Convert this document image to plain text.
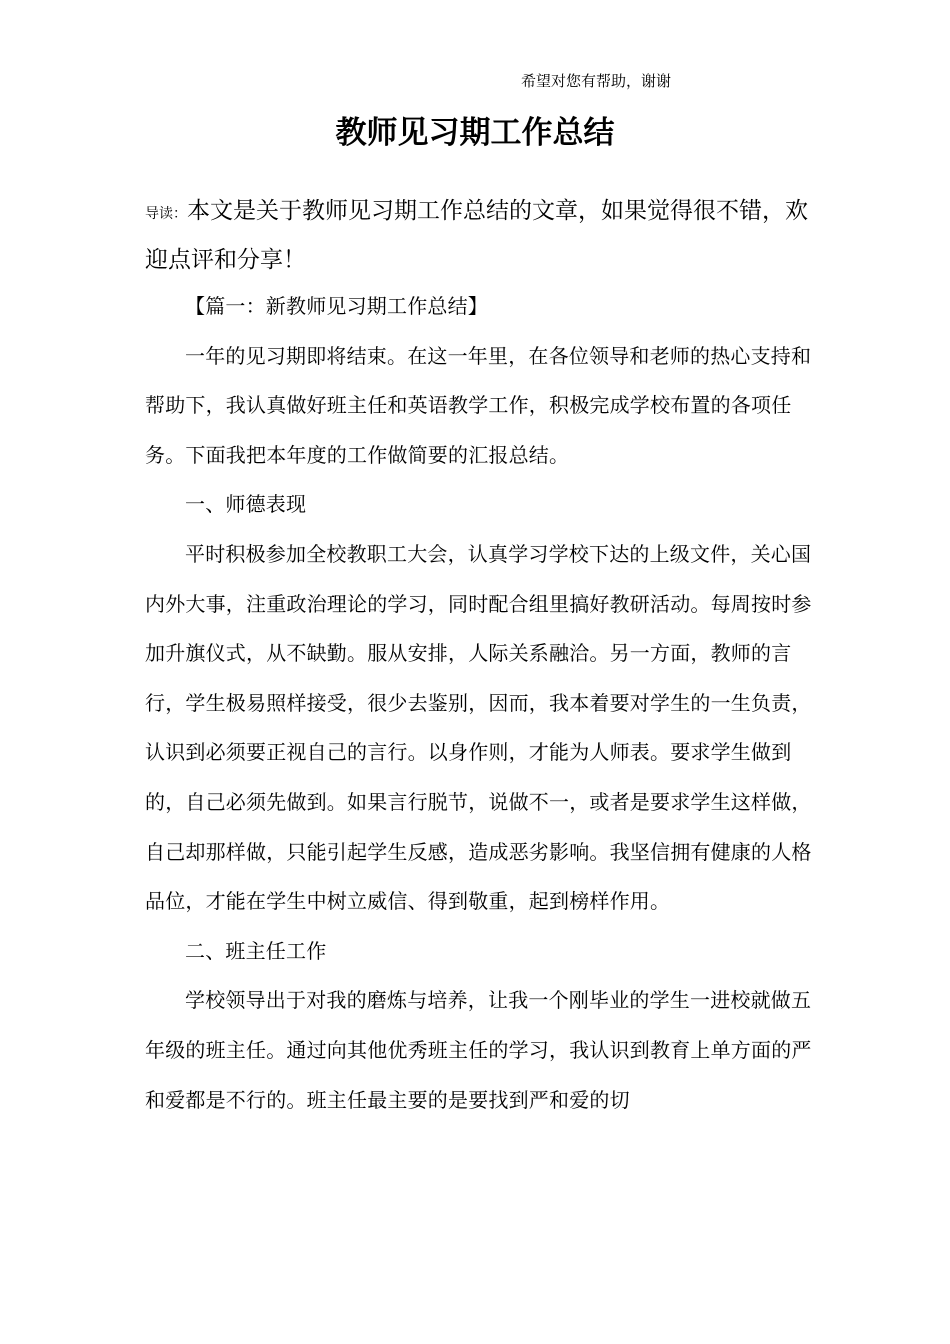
希望对您有帮助，谢谢
教师见习期工作总结

导读：本文是关于教师见习期工作总结的文章，如果觉得很不错，欢迎点评和分享！

【篇一：新教师见习期工作总结】

一年的见习期即将结束。在这一年里，在各位领导和老师的热心支持和帮助下，我认真做好班主任和英语教学工作，积极完成学校布置的各项任务。下面我把本年度的工作做简要的汇报总结。

一、师德表现

平时积极参加全校教职工大会，认真学习学校下达的上级文件，关心国内外大事，注重政治理论的学习，同时配合组里搞好教研活动。每周按时参加升旗仪式，从不缺勤。服从安排，人际关系融洽。另一方面，教师的言行，学生极易照样接受，很少去鉴别，因而，我本着要对学生的一生负责，认识到必须要正视自己的言行。以身作则，才能为人师表。要求学生做到的，自己必须先做到。如果言行脱节，说做不一，或者是要求学生这样做，自己却那样做，只能引起学生反感，造成恶劣影响。我坚信拥有健康的人格品位，才能在学生中树立威信、得到敬重，起到榜样作用。

二、班主任工作

学校领导出于对我的磨炼与培养，让我一个刚毕业的学生一进校就做五年级的班主任。通过向其他优秀班主任的学习，我认识到教育上单方面的严和爱都是不行的。班主任最主要的是要找到严和爱的切
